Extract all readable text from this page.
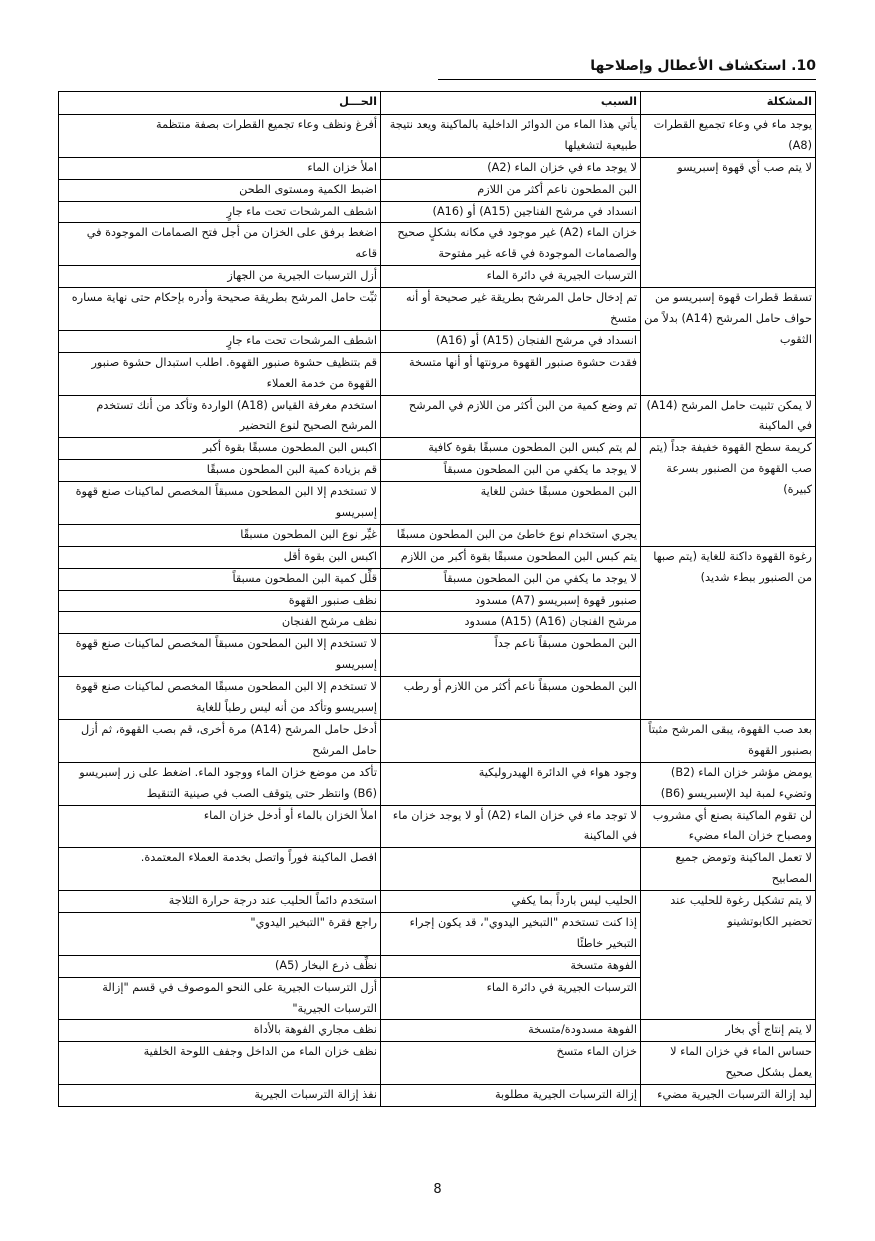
10. استكشاف الأعطال وإصلاحها
المشكلة	السبب	الحـــل
يوجد ماء في وعاء تجميع القطرات (A8)	يأتي هذا الماء من الدوائر الداخلية بالماكينة ويعد نتيجة طبيعية لتشغيلها	أفرغ ونظف وعاء تجميع القطرات بصفة منتظمة
لا يتم صب أي قهوة إسبريسو	لا يوجد ماء في خزان الماء (A2)	املأ خزان الماء
	البن المطحون ناعم أكثر من اللازم	اضبط الكمية ومستوى الطحن
	انسداد في مرشح الفناجين (A15) أو (A16)	اشطف المرشحات تحت ماء جارٍ
	خزان الماء (A2) غير موجود في مكانه بشكلٍ صحيح والصمامات الموجودة في قاعه غير مفتوحة	اضغط برفق على الخزان من أجل فتح الصمامات الموجودة في قاعه
	الترسبات الجيرية في دائرة الماء	أزل الترسبات الجيرية من الجهاز
تسقط قطرات قهوة إسبريسو من حواف حامل المرشح (A14) بدلاً من الثقوب	تم إدخال حامل المرشح بطريقة غير صحيحة أو أنه متسخ	ثبِّت حامل المرشح بطريقة صحيحة وأدره بإحكام حتى نهاية مساره
	انسداد في مرشح الفنجان (A15) أو (A16)	اشطف المرشحات تحت ماء جارٍ
	فقدت حشوة صنبور القهوة مرونتها أو أنها متسخة	قم بتنظيف حشوة صنبور القهوة. اطلب استبدال حشوة صنبور القهوة من خدمة العملاء
لا يمكن تثبيت حامل المرشح (A14) في الماكينة	تم وضع كمية من البن أكثر من اللازم في المرشح	استخدم مغرفة القياس (A18) الواردة وتأكد من أنك تستخدم المرشح الصحيح لنوع التحضير
كريمة سطح القهوة خفيفة جداً (يتم صب القهوة من الصنبور بسرعة كبيرة)	لم يتم كبس البن المطحون مسبقًا بقوة كافية	اكبس البن المطحون مسبقًا بقوة أكبر
	لا يوجد ما يكفي من البن المطحون مسبقاً	قم بزيادة كمية البن المطحون مسبقًا
	البن المطحون مسبقًا خشن للغاية	لا تستخدم إلا البن المطحون مسبقاً المخصص لماكينات صنع قهوة إسبريسو
	يجري استخدام نوع خاطئ من البن المطحون مسبقًا	غيِّر نوع البن المطحون مسبقًا
رغوة القهوة داكنة للغاية (يتم صبها من الصنبور ببطء شديد)	يتم كبس البن المطحون مسبقًا بقوة أكبر من اللازم	اكبس البن بقوة أقل
	لا يوجد ما يكفي من البن المطحون مسبقاً	قلِّل كمية البن المطحون مسبقاً
	صنبور قهوة إسبريسو (A7) مسدود	نظف صنبور القهوة
	مرشح الفنجان (A16) (A15) مسدود	نظف مرشح الفنجان
	البن المطحون مسبقاً ناعم جداً	لا تستخدم إلا البن المطحون مسبقاً المخصص لماكينات صنع قهوة إسبريسو
	البن المطحون مسبقاً ناعم أكثر من اللازم أو رطب	لا تستخدم إلا البن المطحون مسبقًا المخصص لماكينات صنع قهوة إسبريسو وتأكد من أنه ليس رطباً للغاية
بعد صب القهوة، يبقى المرشح مثبتاً بصنبور القهوة		أدخل حامل المرشح (A14) مرة أخرى، قم بصب القهوة، ثم أزل حامل المرشح
يومض مؤشر خزان الماء (B2) وتضيء لمبة ليد الإسبريسو (B6)	وجود هواء في الدائرة الهيدروليكية	تأكد من موضع خزان الماء ووجود الماء. اضغط على زر إسبريسو (B6) وانتظر حتى يتوقف الصب في صينية التنقيط
لن تقوم الماكينة بصنع أي مشروب ومصباح خزان الماء مضيء	لا توجد ماء في خزان الماء (A2) أو لا يوجد خزان ماء في الماكينة	املأ الخزان بالماء أو أدخل خزان الماء
لا تعمل الماكينة وتومض جميع المصابيح		افصل الماكينة فوراً واتصل بخدمة العملاء المعتمدة.
لا يتم تشكيل رغوة للحليب عند تحضير الكابوتشينو	الحليب ليس بارداً بما يكفي	استخدم دائماً الحليب عند درجة حرارة الثلاجة
	إذا كنت تستخدم "التبخير اليدوي"، قد يكون إجراء التبخير خاطئًا	راجع فقرة "التبخير اليدوي"
	الفوهة متسخة	نظِّف ذرع البخار (A5)
	الترسبات الجيرية في دائرة الماء	أزل الترسبات الجيرية على النحو الموصوف في قسم "إزالة الترسبات الجيرية"
لا يتم إنتاج أي بخار	الفوهة مسدودة/متسخة	نظف مجاري الفوهة بالأداة
حساس الماء في خزان الماء لا يعمل بشكل صحيح	خزان الماء متسخ	نظف خزان الماء من الداخل وجفف اللوحة الخلفية
ليد إزالة الترسبات الجيرية مضيء	إزالة الترسبات الجيرية مطلوبة	نفذ إزالة الترسبات الجيرية
8
